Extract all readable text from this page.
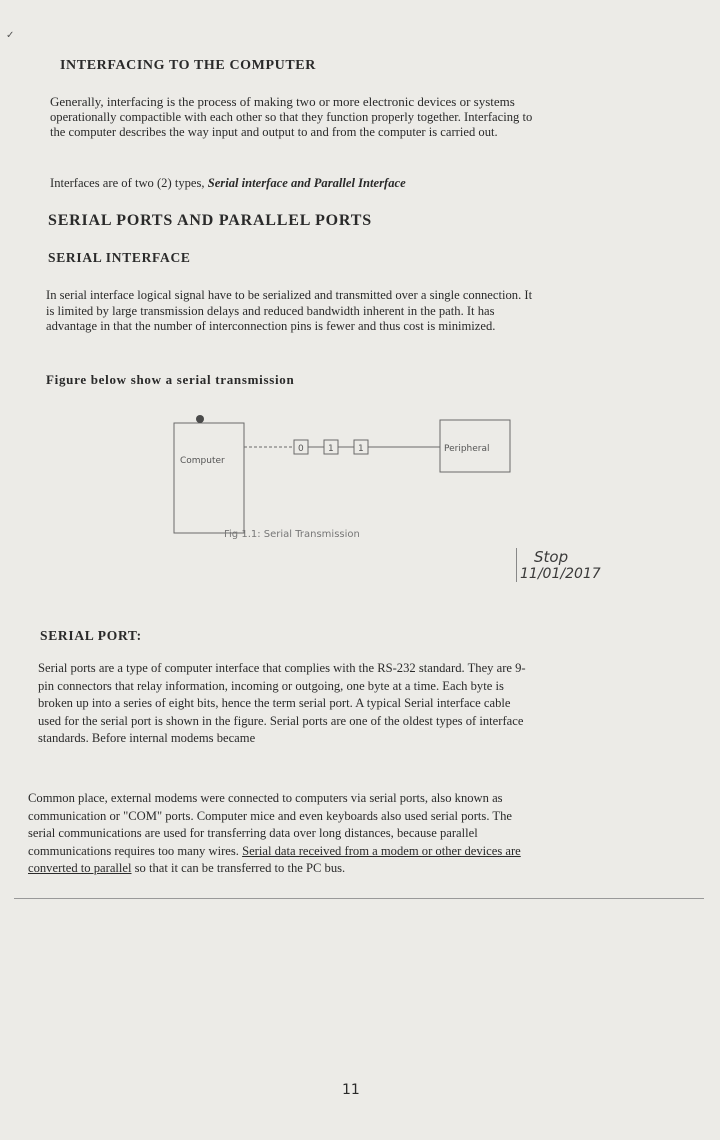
✓
INTERFACING TO THE COMPUTER

Generally, interfacing is the process of making two or more electronic devices or systems

operationally compactible with each other so that they function properly together. Interfacing to

the computer describes the way input and output to and from the computer is carried out.

Interfaces are of two (2) types, Serial interface and Parallel Interface

SERIAL PORTS AND PARALLEL PORTS
SERIAL INTERFACE

In serial interface logical signal have to be serialized and transmitted over a single connection. It

is limited by large transmission delays and reduced bandwidth inherent in the path. It has

advantage in that the number of interconnection pins is fewer and thus cost is minimized.

Figure below show a serial transmission
Computer
Peripheral
0	1	1
Fig 1.1: Serial Transmission
Stop
11/01/2017
SERIAL PORT:

Serial ports are a type of computer interface that complies with the RS-232 standard. They are 9-

pin connectors that relay information, incoming or outgoing, one byte at a time. Each byte is

broken up into a series of eight bits, hence the term serial port. A typical Serial interface cable

used for the serial port is shown in the figure. Serial ports are one of the oldest types of interface

standards. Before internal modems became

Common place, external modems were connected to computers via serial ports, also known as

communication or "COM" ports. Computer mice and even keyboards also used serial ports. The

serial communications are used for transferring data over long distances, because parallel

communications requires too many wires. Serial data received from a modem or other devices are

converted to parallel so that it can be transferred to the PC bus.

11
